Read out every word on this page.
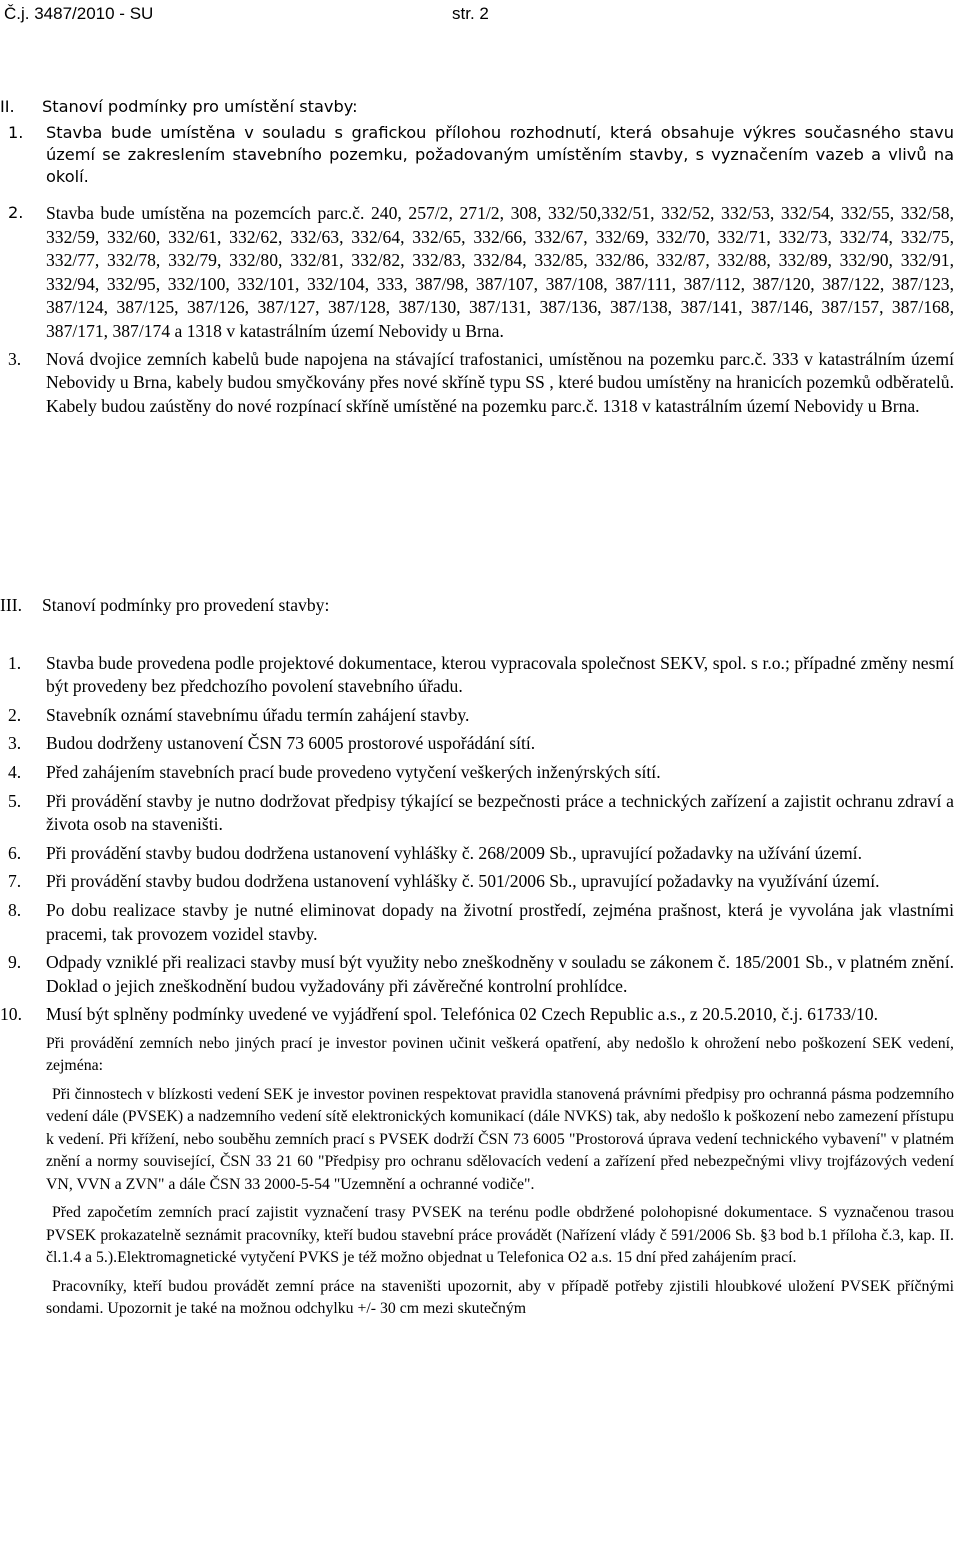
Č.j. 3487/2010 - SU	str. 2

II. Stanoví podmínky pro umístění stavby:

1. Stavba bude umístěna v souladu s grafickou přílohou rozhodnutí, která obsahuje výkres současného stavu území se zakreslením stavebního pozemku, požadovaným umístěním stavby, s vyznačením vazeb a vlivů na okolí.

2. Stavba bude umístěna na pozemcích parc.č. 240, 257/2, 271/2, 308, 332/50,332/51, 332/52, 332/53, 332/54, 332/55, 332/58, 332/59, 332/60, 332/61, 332/62, 332/63, 332/64, 332/65, 332/66, 332/67, 332/69, 332/70, 332/71, 332/73, 332/74, 332/75, 332/77, 332/78, 332/79, 332/80, 332/81, 332/82, 332/83, 332/84, 332/85, 332/86, 332/87, 332/88, 332/89, 332/90, 332/91, 332/94, 332/95, 332/100, 332/101, 332/104, 333, 387/98, 387/107, 387/108, 387/111, 387/112, 387/120, 387/122, 387/123, 387/124, 387/125, 387/126, 387/127, 387/128, 387/130, 387/131, 387/136, 387/138, 387/141, 387/146, 387/157, 387/168, 387/171, 387/174 a 1318 v katastrálním území Nebovidy u Brna.

3. Nová dvojice zemních kabelů bude napojena na stávající trafostanici, umístěnou na pozemku parc.č. 333 v katastrálním území Nebovidy u Brna, kabely budou smyčkovány přes nové skříně typu SS , které budou umístěny na hranicích pozemků odběratelů. Kabely budou zaústěny do nové rozpínací skříně umístěné na pozemku parc.č. 1318 v katastrálním území Nebovidy u Brna.

III. Stanoví podmínky pro provedení stavby:

1. Stavba bude provedena podle projektové dokumentace, kterou vypracovala společnost SEKV, spol. s r.o.; případné změny nesmí být provedeny bez předchozího povolení stavebního úřadu.

2. Stavebník oznámí stavebnímu úřadu termín zahájení stavby.

3. Budou dodrženy ustanovení ČSN 73 6005 prostorové uspořádání sítí.

4. Před zahájením stavebních prací bude provedeno vytyčení veškerých inženýrských sítí.

5. Při provádění stavby je nutno dodržovat předpisy týkající se bezpečnosti práce a technických zařízení a zajistit ochranu zdraví a života osob na staveništi.

6. Při provádění stavby budou dodržena ustanovení vyhlášky č. 268/2009 Sb., upravující požadavky na užívání území.

7. Při provádění stavby budou dodržena ustanovení vyhlášky č. 501/2006 Sb., upravující požadavky na využívání území.

8. Po dobu realizace stavby je nutné eliminovat dopady na životní prostředí, zejména prašnost, která je vyvolána jak vlastními pracemi, tak provozem vozidel stavby.

9. Odpady vzniklé při realizaci stavby musí být využity nebo zneškodněny v souladu se zákonem č. 185/2001 Sb., v platném znění. Doklad o jejich zneškodnění budou vyžadovány při závěrečné kontrolní prohlídce.

10. Musí být splněny podmínky uvedené ve vyjádření spol. Telefónica 02 Czech Republic a.s., z 20.5.2010, č.j. 61733/10.

Při provádění zemních nebo jiných prací je investor povinen učinit veškerá opatření, aby nedošlo k ohrožení nebo poškození SEK vedení, zejména:

Při činnostech v blízkosti vedení SEK je investor povinen respektovat pravidla stanovená právními předpisy pro ochranná pásma podzemního vedení dále (PVSEK) a nadzemního vedení sítě elektronických komunikací (dále NVKS) tak, aby nedošlo k poškození nebo zamezení přístupu k vedení. Při křížení, nebo souběhu zemních prací s PVSEK dodrží ČSN 73 6005 "Prostorová úprava vedení technického vybavení" v platném znění a normy související, ČSN 33 21 60 "Předpisy pro ochranu sdělovacích vedení a zařízení před nebezpečnými vlivy trojfázových vedení VN, VVN a ZVN" a dále ČSN 33 2000-5-54 "Uzemnění a ochranné vodiče".

Před započetím zemních prací zajistit vyznačení trasy PVSEK na terénu podle obdržené polohopisné dokumentace. S vyznačenou trasou PVSEK prokazatelně seznámit pracovníky, kteří budou stavební práce provádět (Nařízení vlády č 591/2006 Sb. §3 bod b.1 příloha č.3, kap. II. čl.1.4 a 5.).Elektromagnetické vytyčení PVKS je též možno objednat u Telefonica O2 a.s. 15 dní před zahájením prací.

Pracovníky, kteří budou provádět zemní práce na staveništi upozornit, aby v případě potřeby zjistili hloubkové uložení PVSEK příčnými sondami. Upozornit je také na možnou odchylku +/- 30 cm mezi skutečným
